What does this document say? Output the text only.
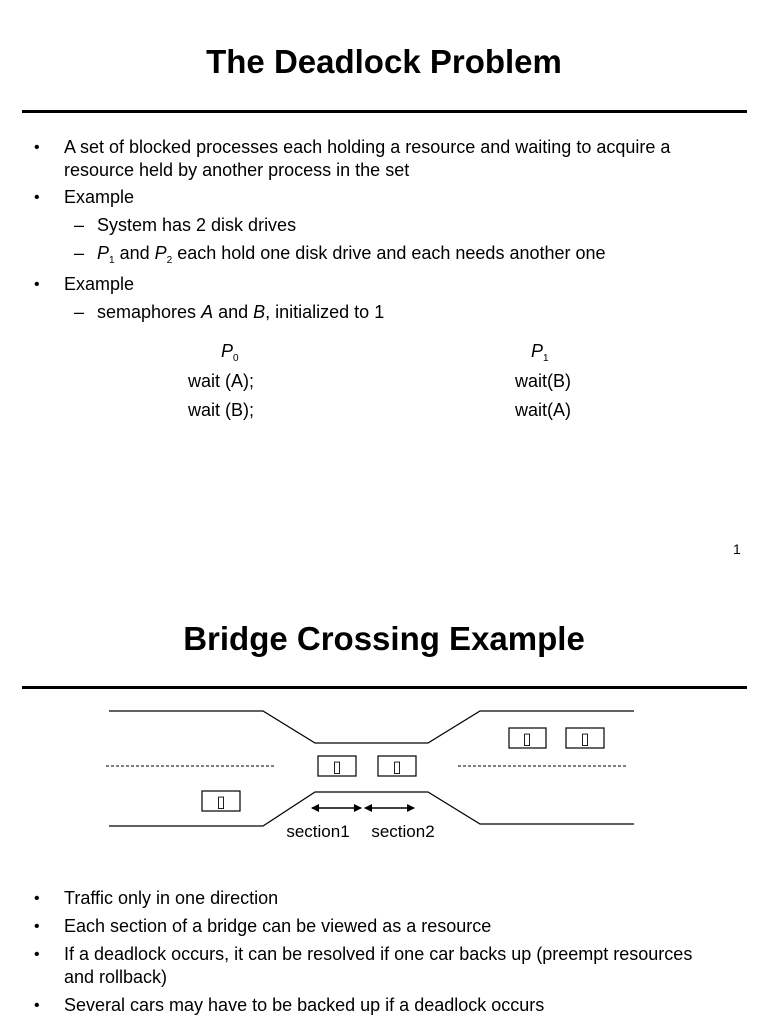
The Deadlock Problem
• A set of blocked processes each holding a resource and waiting to acquire a
resource held by another process in the set
• Example
– System has 2 disk drives
– $P_1$ and $P_2$ each hold one disk drive and each needs another one
• Example
– semaphores A and B, initialized to 1
$P_0$
wait (A);
wait (B);
$P_1$
wait(B)
wait(A)
1
Bridge Crossing Example
▯	▯
▯	▯
▯
section1 section2
• Traffic only in one direction
• Each section of a bridge can be viewed as a resource
• If a deadlock occurs, it can be resolved if one car backs up (preempt resources
and rollback)
• Several cars may have to be backed up if a deadlock occurs
